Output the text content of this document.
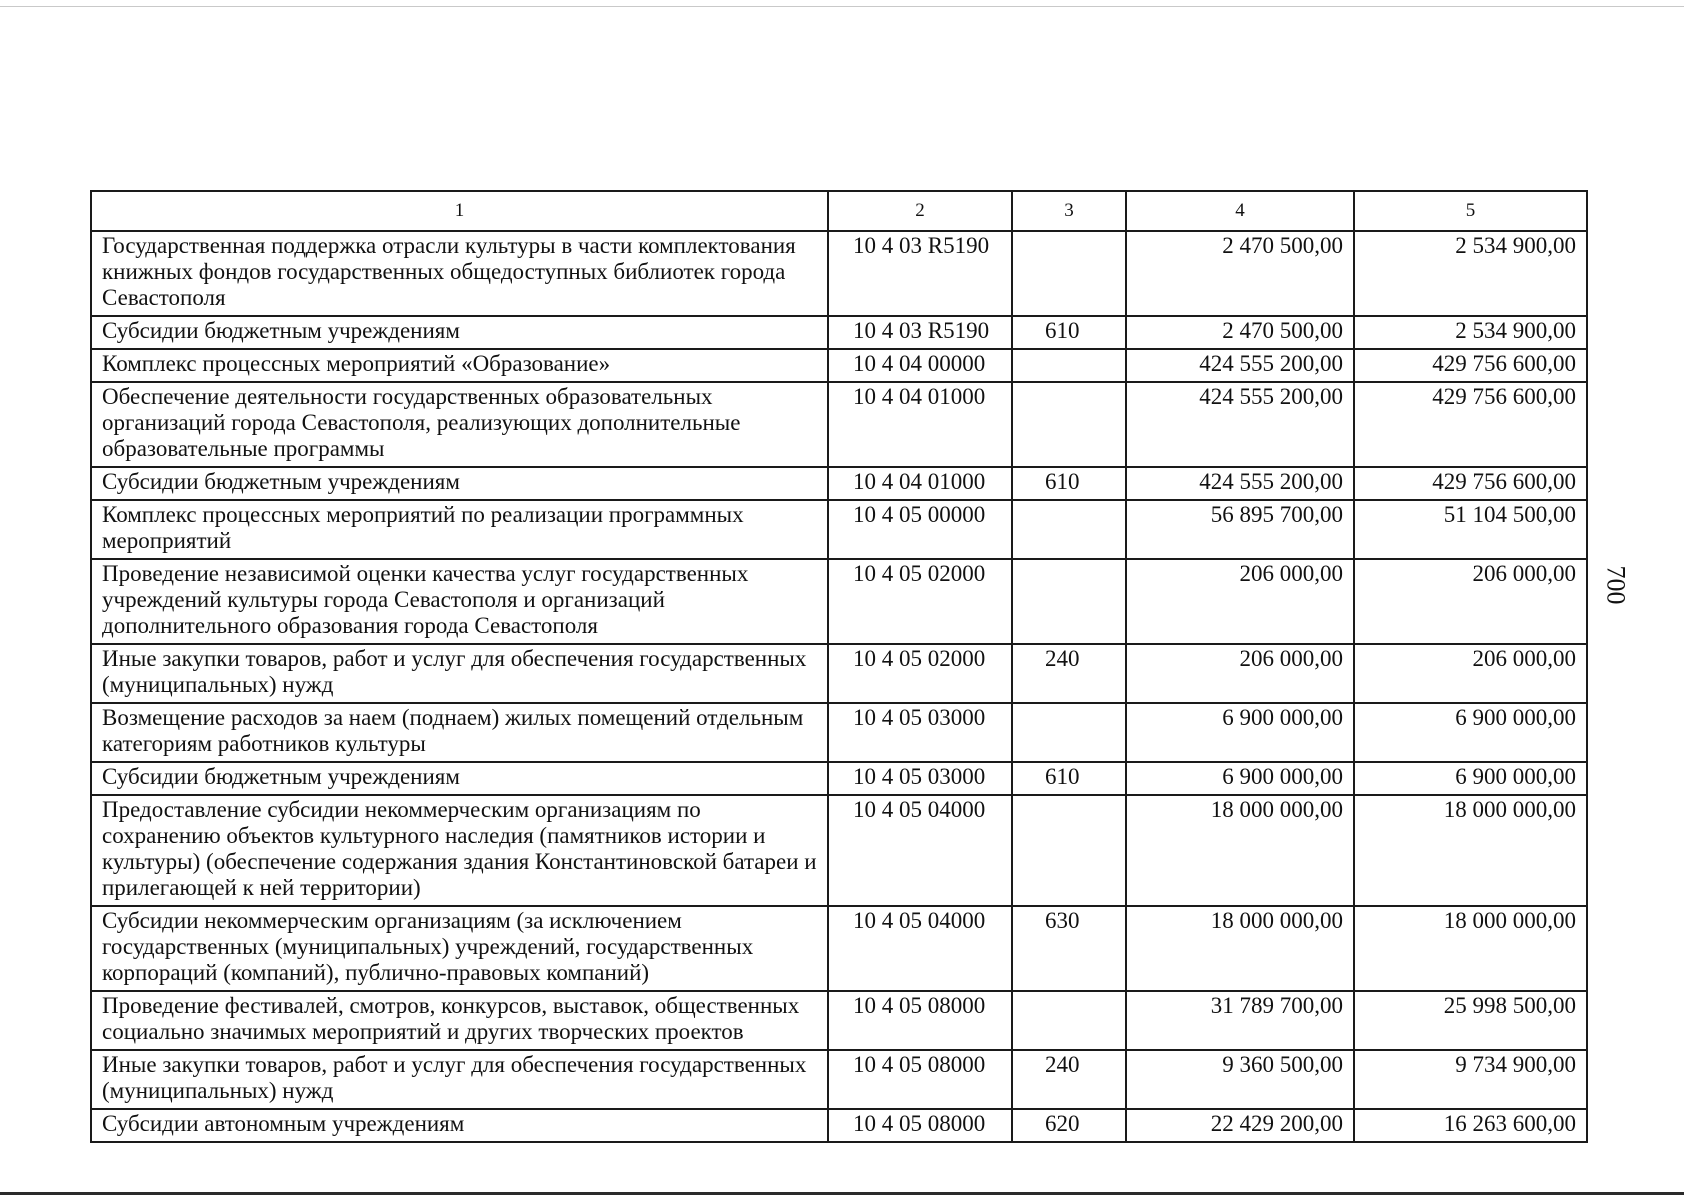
1	2	3	4	5
Государственная поддержка отрасли культуры в части комплектования книжных фондов государственных общедоступных библиотек города Севастополя	10 4 03 R5190		2 470 500,00	2 534 900,00
Субсидии бюджетным учреждениям	10 4 03 R5190	610	2 470 500,00	2 534 900,00
Комплекс процессных мероприятий «Образование»	10 4 04 00000		424 555 200,00	429 756 600,00
Обеспечение деятельности государственных образовательных организаций города Севастополя, реализующих дополнительные образовательные программы	10 4 04 01000		424 555 200,00	429 756 600,00
Субсидии бюджетным учреждениям	10 4 04 01000	610	424 555 200,00	429 756 600,00
Комплекс процессных мероприятий по реализации программных мероприятий	10 4 05 00000		56 895 700,00	51 104 500,00
Проведение независимой оценки качества услуг государственных учреждений культуры города Севастополя и организаций дополнительного образования города Севастополя	10 4 05 02000		206 000,00	206 000,00
Иные закупки товаров, работ и услуг для обеспечения государственных (муниципальных) нужд	10 4 05 02000	240	206 000,00	206 000,00
Возмещение расходов за наем (поднаем) жилых помещений отдельным категориям работников культуры	10 4 05 03000		6 900 000,00	6 900 000,00
Субсидии бюджетным учреждениям	10 4 05 03000	610	6 900 000,00	6 900 000,00
Предоставление субсидии некоммерческим организациям по сохранению объектов культурного наследия (памятников истории и культуры) (обеспечение содержания здания Константиновской батареи и прилегающей к ней территории)	10 4 05 04000		18 000 000,00	18 000 000,00
Субсидии некоммерческим организациям (за исключением государственных (муниципальных) учреждений, государственных корпораций (компаний), публично-правовых компаний)	10 4 05 04000	630	18 000 000,00	18 000 000,00
Проведение фестивалей, смотров, конкурсов, выставок, общественных социально значимых мероприятий и других творческих проектов	10 4 05 08000		31 789 700,00	25 998 500,00
Иные закупки товаров, работ и услуг для обеспечения государственных (муниципальных) нужд	10 4 05 08000	240	9 360 500,00	9 734 900,00
Субсидии автономным учреждениям	10 4 05 08000	620	22 429 200,00	16 263 600,00
700
